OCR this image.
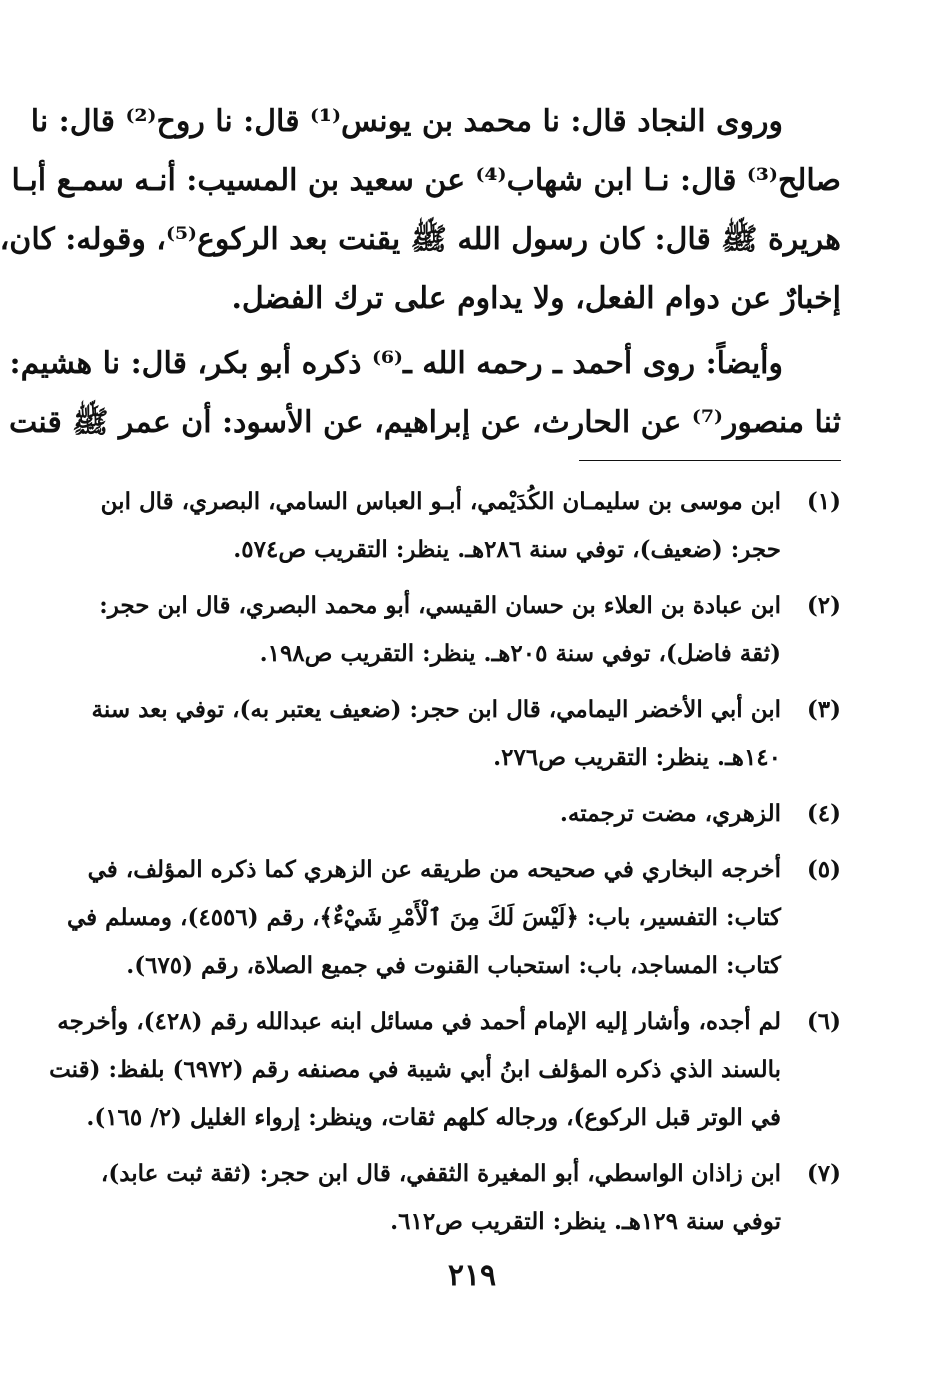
وروى النجاد قال: نا محمد بن يونس⁽¹⁾ قال: نا روح⁽²⁾ قال: نا
صالح⁽³⁾ قال: نـا ابن شهاب⁽⁴⁾ عن سعيد بن المسيب: أنـه سمـع أبـا
هريرة ﷺ قال: كان رسول الله ﷺ يقنت بعد الركوع⁽⁵⁾، وقوله: كان،
إخبارٌ عن دوام الفعل، ولا يداوم على ترك الفضل.
وأيضاً: روى أحمد ـ رحمه الله ـ⁽⁶⁾ ذكره أبو بكر، قال: نا هشيم:
ثنا منصور⁽⁷⁾ عن الحارث، عن إبراهيم، عن الأسود: أن عمر ﷺ قنت
(١)
ابن موسى بن سليمـان الكُدَيْمي، أبـو العباس السامي، البصري، قال ابن
حجر: (ضعيف)، توفي سنة ٢٨٦هـ. ينظر: التقريب ص٥٧٤.
(٢)
ابن عبادة بن العلاء بن حسان القيسي، أبو محمد البصري، قال ابن حجر:
(ثقة فاضل)، توفي سنة ٢٠٥هـ. ينظر: التقريب ص١٩٨.
(٣)
ابن أبي الأخضر اليمامي، قال ابن حجر: (ضعيف يعتبر به)، توفي بعد سنة
١٤٠هـ. ينظر: التقريب ص٢٧٦.
(٤)
الزهري، مضت ترجمته.
(٥)
أخرجه البخاري في صحيحه من طريقه عن الزهري كما ذكره المؤلف، في
كتاب: التفسير، باب: ﴿لَيْسَ لَكَ مِنَ ٱلْأَمْرِ شَيْءٌ﴾، رقم (٤٥٥٦)، ومسلم في
كتاب: المساجد، باب: استحباب القنوت في جميع الصلاة، رقم (٦٧٥).
(٦)
لم أجده، وأشار إليه الإمام أحمد في مسائل ابنه عبدالله رقم (٤٢٨)، وأخرجه
بالسند الذي ذكره المؤلف ابنُ أبي شيبة في مصنفه رقم (٦٩٧٢) بلفظ: (قنت
في الوتر قبل الركوع)، ورجاله كلهم ثقات، وينظر: إرواء الغليل (٢/ ١٦٥).
(٧)
ابن زاذان الواسطي، أبو المغيرة الثقفي، قال ابن حجر: (ثقة ثبت عابد)،
توفي سنة ١٢٩هـ. ينظر: التقريب ص٦١٢.
٢١٩
